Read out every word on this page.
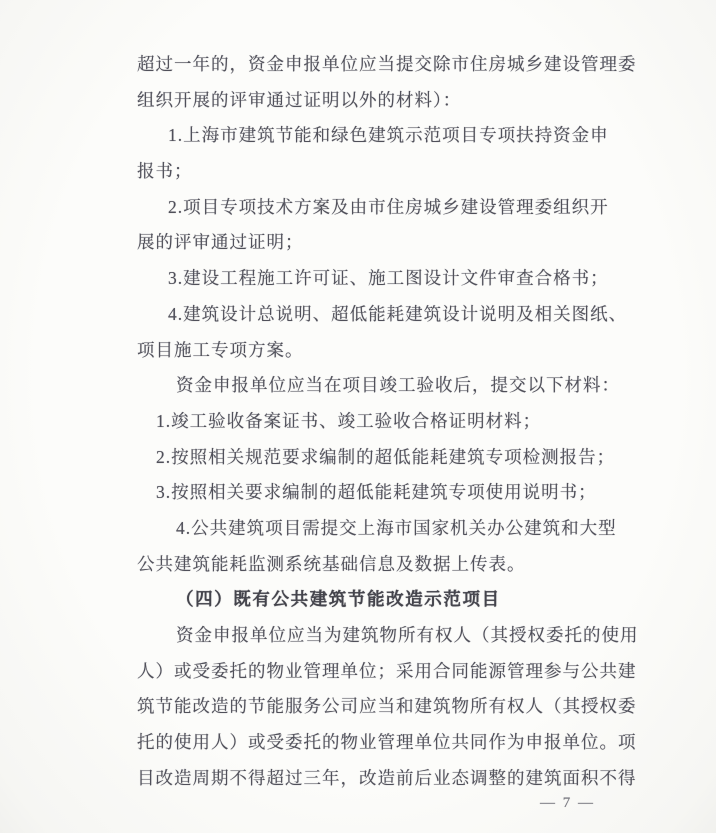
超过一年的，资金申报单位应当提交除市住房城乡建设管理委
组织开展的评审通过证明以外的材料）：
1.上海市建筑节能和绿色建筑示范项目专项扶持资金申
报书；
2.项目专项技术方案及由市住房城乡建设管理委组织开
展的评审通过证明；
3.建设工程施工许可证、施工图设计文件审查合格书；
4.建筑设计总说明、超低能耗建筑设计说明及相关图纸、
项目施工专项方案。
资金申报单位应当在项目竣工验收后，提交以下材料：
1.竣工验收备案证书、竣工验收合格证明材料；
2.按照相关规范要求编制的超低能耗建筑专项检测报告；
3.按照相关要求编制的超低能耗建筑专项使用说明书；
4.公共建筑项目需提交上海市国家机关办公建筑和大型
公共建筑能耗监测系统基础信息及数据上传表。
（四）既有公共建筑节能改造示范项目
资金申报单位应当为建筑物所有权人（其授权委托的使用
人）或受委托的物业管理单位；采用合同能源管理参与公共建
筑节能改造的节能服务公司应当和建筑物所有权人（其授权委
托的使用人）或受委托的物业管理单位共同作为申报单位。项
目改造周期不得超过三年，改造前后业态调整的建筑面积不得
— 7 —
